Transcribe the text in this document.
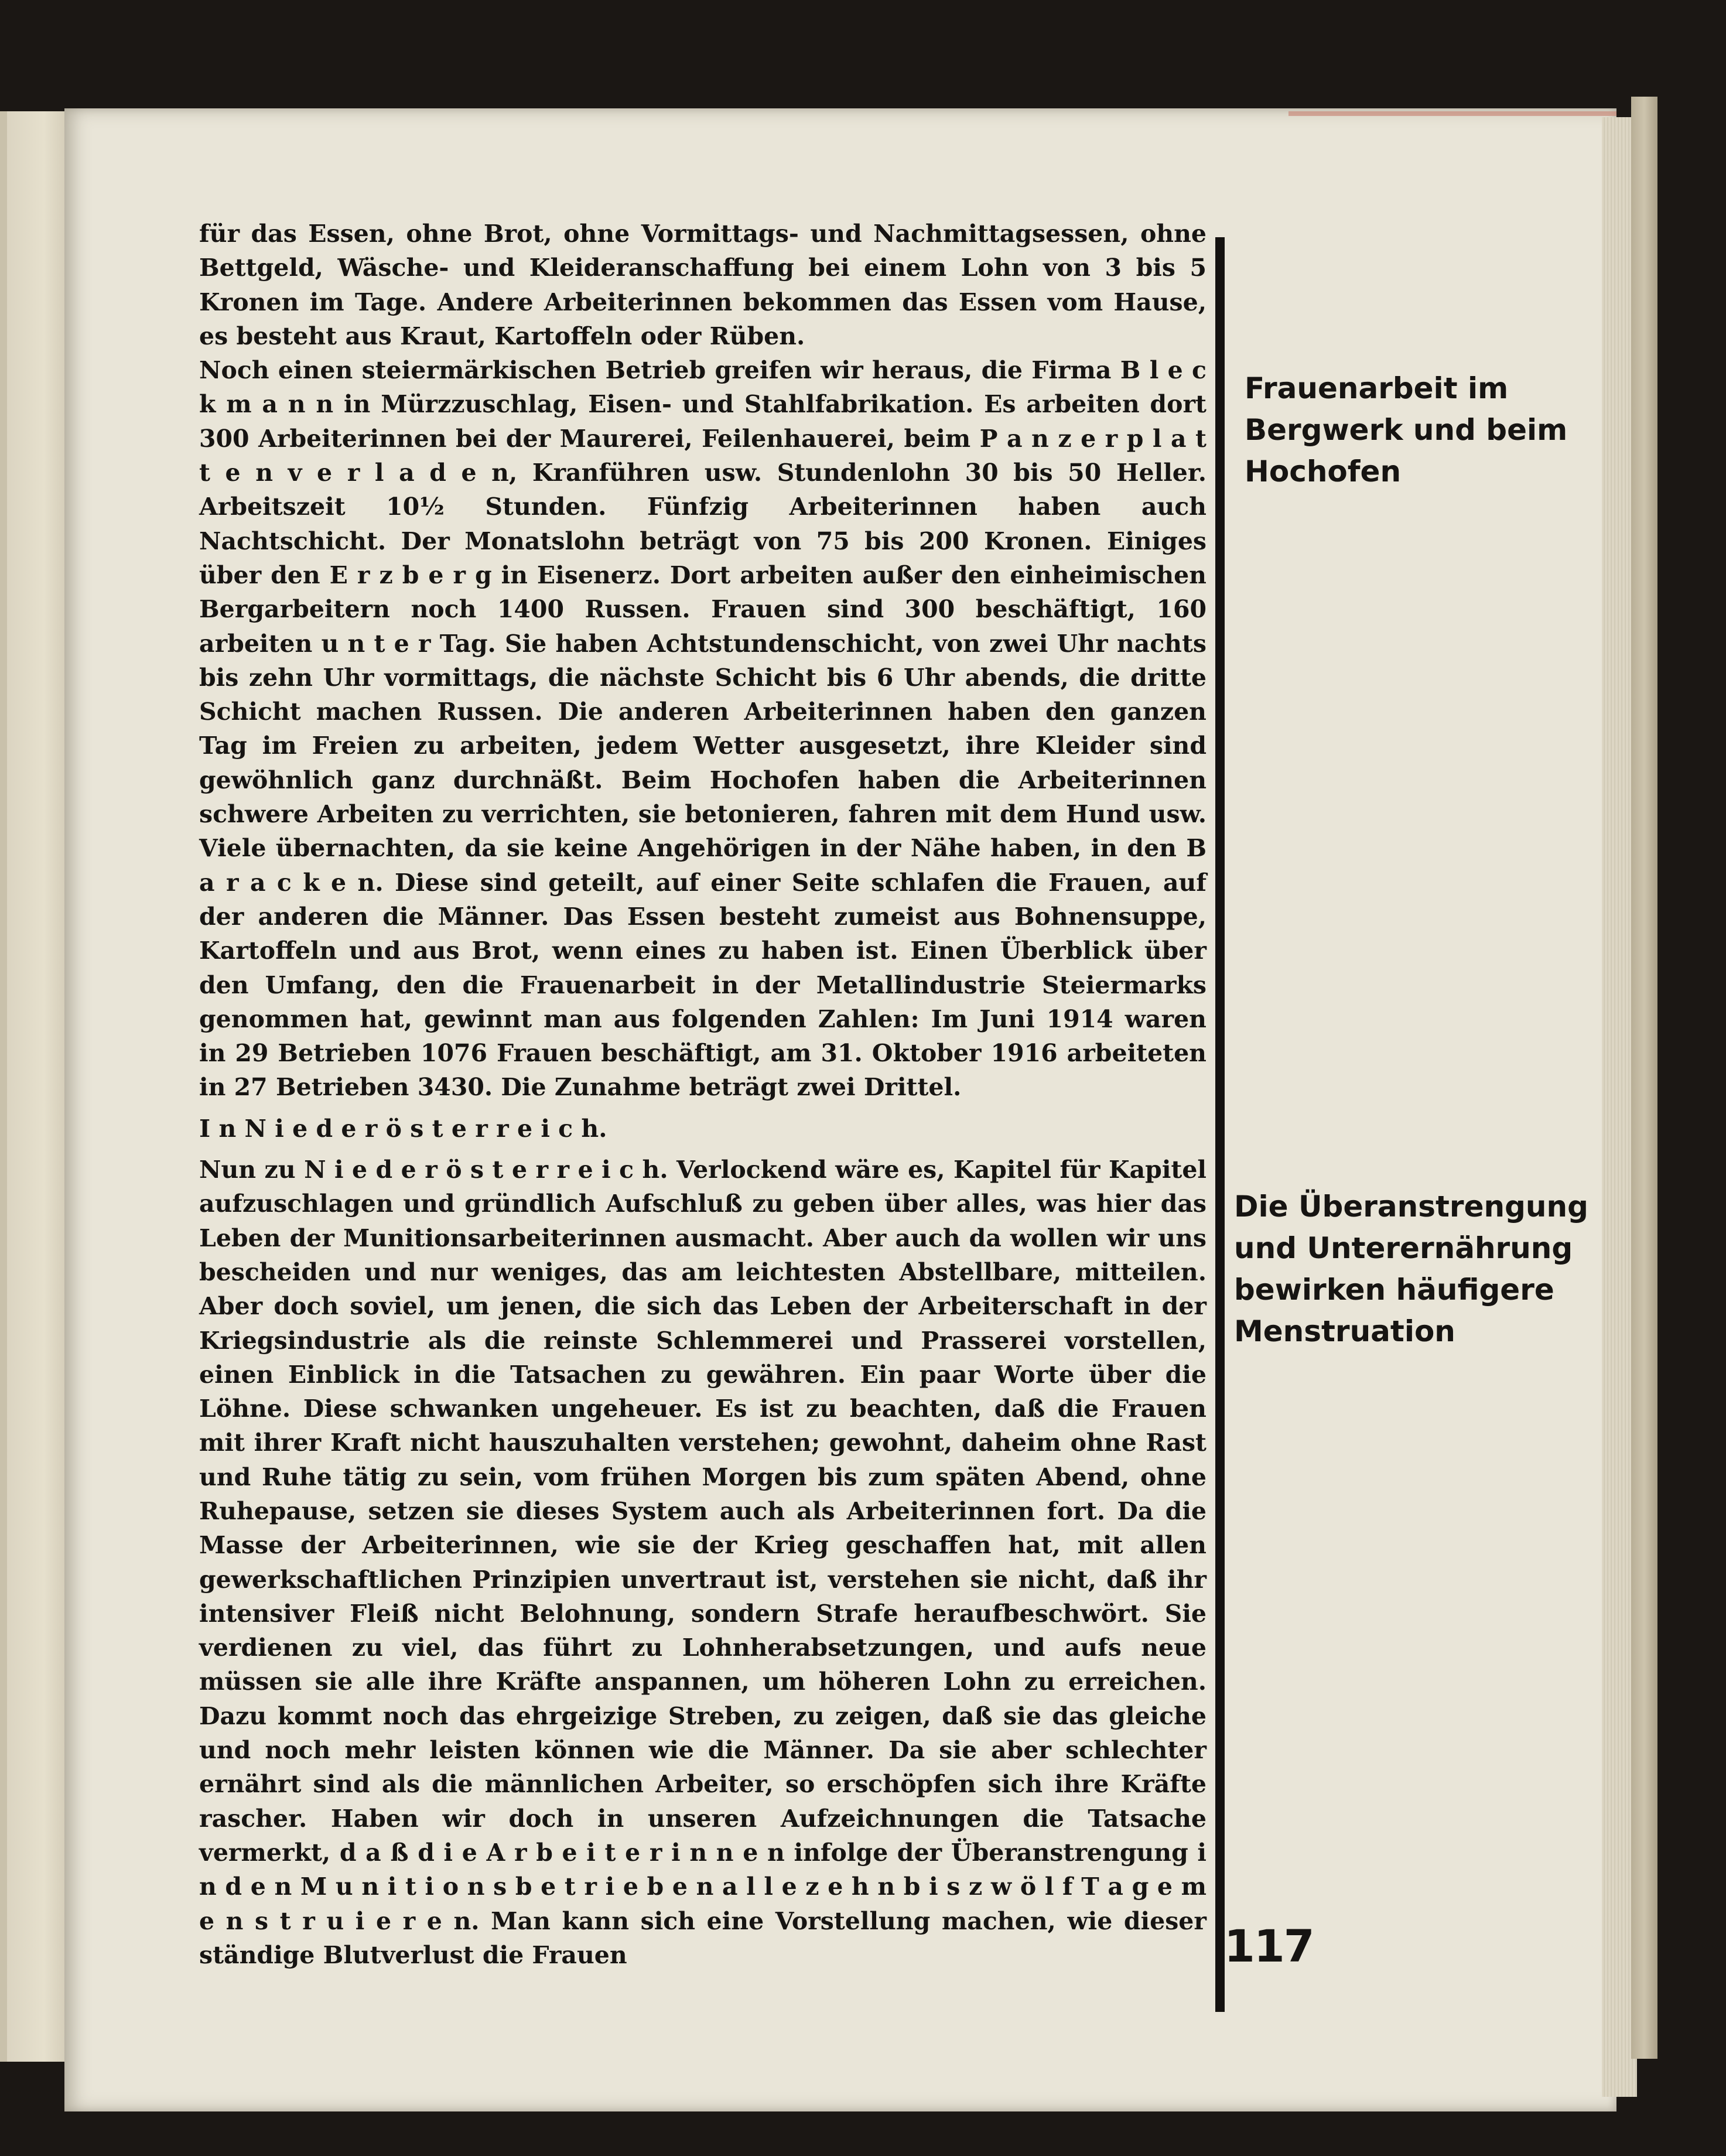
für das Essen, ohne Brot, ohne Vormittags- und Nachmittagsessen, ohne Bettgeld, Wäsche- und Kleideranschaffung bei einem Lohn von 3 bis 5 Kronen im Tage. Andere Arbeiterinnen bekommen das Essen vom Hause, es besteht aus Kraut, Kartoffeln oder Rüben.

Noch einen steiermärkischen Betrieb greifen wir heraus, die Firma B l e c k m a n n in Mürzzuschlag, Eisen- und Stahlfabrikation. Es arbeiten dort 300 Arbeiterinnen bei der Maurerei, Feilenhauerei, beim P a n z e r p l a t t e n v e r l a d e n, Kranführen usw. Stundenlohn 30 bis 50 Heller. Arbeitszeit 10½ Stunden. Fünfzig Arbeiterinnen haben auch Nachtschicht. Der Monatslohn beträgt von 75 bis 200 Kronen. Einiges über den E r z b e r g in Eisenerz. Dort arbeiten außer den einheimischen Bergarbeitern noch 1400 Russen. Frauen sind 300 beschäftigt, 160 arbeiten u n t e r Tag. Sie haben Achtstundenschicht, von zwei Uhr nachts bis zehn Uhr vormittags, die nächste Schicht bis 6 Uhr abends, die dritte Schicht machen Russen. Die anderen Arbeiterinnen haben den ganzen Tag im Freien zu arbeiten, jedem Wetter ausgesetzt, ihre Kleider sind gewöhnlich ganz durchnäßt. Beim Hochofen haben die Arbeiterinnen schwere Arbeiten zu verrichten, sie betonieren, fahren mit dem Hund usw. Viele übernachten, da sie keine Angehörigen in der Nähe haben, in den B a r a c k e n. Diese sind geteilt, auf einer Seite schlafen die Frauen, auf der anderen die Männer. Das Essen besteht zumeist aus Bohnensuppe, Kartoffeln und aus Brot, wenn eines zu haben ist. Einen Überblick über den Umfang, den die Frauenarbeit in der Metallindustrie Steiermarks genommen hat, gewinnt man aus folgenden Zahlen: Im Juni 1914 waren in 29 Betrieben 1076 Frauen beschäftigt, am 31. Oktober 1916 arbeiteten in 27 Betrieben 3430. Die Zunahme beträgt zwei Drittel.

I n N i e d e r ö s t e r r e i c h.

Nun zu N i e d e r ö s t e r r e i c h. Verlockend wäre es, Kapitel für Kapitel aufzuschlagen und gründlich Aufschluß zu geben über alles, was hier das Leben der Munitionsarbeiterinnen ausmacht. Aber auch da wollen wir uns bescheiden und nur weniges, das am leichtesten Abstellbare, mitteilen. Aber doch soviel, um jenen, die sich das Leben der Arbeiterschaft in der Kriegsindustrie als die reinste Schlemmerei und Prasserei vorstellen, einen Einblick in die Tatsachen zu gewähren. Ein paar Worte über die Löhne. Diese schwanken ungeheuer. Es ist zu beachten, daß die Frauen mit ihrer Kraft nicht hauszuhalten verstehen; gewohnt, daheim ohne Rast und Ruhe tätig zu sein, vom frühen Morgen bis zum späten Abend, ohne Ruhepause, setzen sie dieses System auch als Arbeiterinnen fort. Da die Masse der Arbeiterinnen, wie sie der Krieg geschaffen hat, mit allen gewerkschaftlichen Prinzipien unvertraut ist, verstehen sie nicht, daß ihr intensiver Fleiß nicht Belohnung, sondern Strafe heraufbeschwört. Sie verdienen zu viel, das führt zu Lohnherabsetzungen, und aufs neue müssen sie alle ihre Kräfte anspannen, um höheren Lohn zu erreichen. Dazu kommt noch das ehrgeizige Streben, zu zeigen, daß sie das gleiche und noch mehr leisten können wie die Männer. Da sie aber schlechter ernährt sind als die männlichen Arbeiter, so erschöpfen sich ihre Kräfte rascher. Haben wir doch in unseren Aufzeichnungen die Tatsache vermerkt, d a ß d i e A r b e i t e r i n n e n infolge der Überanstrengung i n d e n M u n i t i o n s b e t r i e b e n a l l e z e h n b i s z w ö l f T a g e m e n s t r u i e r e n. Man kann sich eine Vorstellung machen, wie dieser ständige Blutverlust die Frauen

Frauenarbeit im Bergwerk und beim Hochofen
Die Überanstrengung und Unterernährung bewirken häufigere Menstruation
117
